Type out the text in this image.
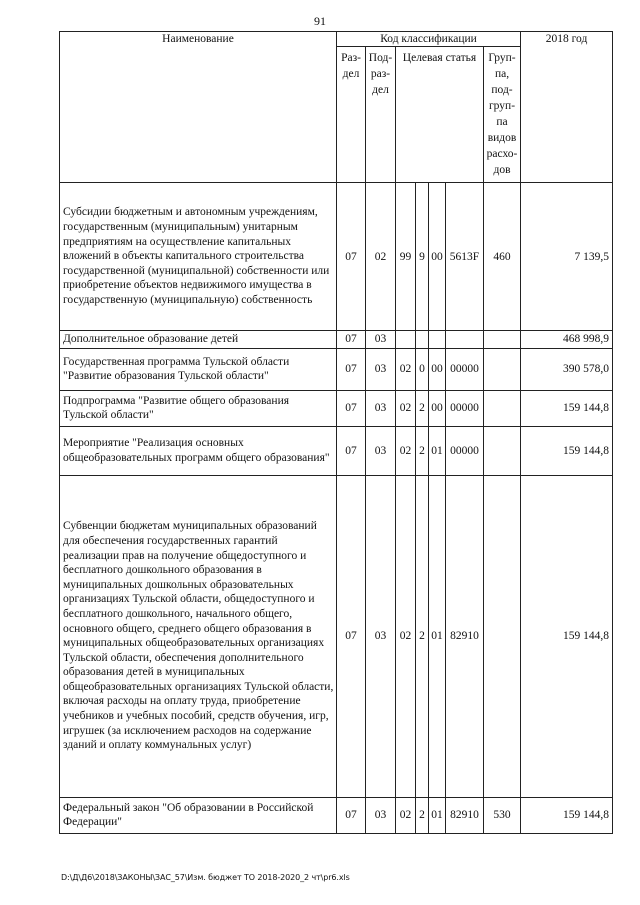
91
Наименование	Код классификации							2018 год
	Раз-дел	Под-раз-дел	Целевая статья				Груп-па, под-груп-па видов расхо-дов	
Субсидии бюджетным и автономным учреждениям, государственным (муниципальным) унитарным предприятиям на осуществление капитальных вложений в объекты капитального строительства государственной (муниципальной) собственности или приобретение объектов недвижимого имущества в государственную (муниципальную) собственность	07	02	99	9	00	5613F	460	7 139,5
Дополнительное образование детей	07	03						468 998,9
Государственная программа Тульской области "Развитие образования Тульской области"	07	03	02	0	00	00000		390 578,0
Подпрограмма "Развитие общего образования Тульской области"	07	03	02	2	00	00000		159 144,8
Мероприятие "Реализация основных общеобразовательных программ общего образования"	07	03	02	2	01	00000		159 144,8
Субвенции бюджетам муниципальных образований для обеспечения государственных гарантий реализации прав на получение общедоступного и бесплатного дошкольного образования в муниципальных дошкольных образовательных организациях Тульской области, общедоступного и бесплатного дошкольного, начального общего, основного общего, среднего общего образования в муниципальных общеобразовательных организациях Тульской области, обеспечения дополнительного образования детей в муниципальных общеобразовательных организациях Тульской области, включая расходы на оплату труда, приобретение учебников и учебных пособий, средств обучения, игр, игрушек (за исключением расходов на содержание зданий и оплату коммунальных услуг)	07	03	02	2	01	82910		159 144,8
Федеральный закон "Об образовании в Российской Федерации"	07	03	02	2	01	82910	530	159 144,8
D:\Д\Д6\2018\ЗАКОНЫ\ЗАС_57\Изм. бюджет ТО 2018-2020_2 чт\pr6.xls
